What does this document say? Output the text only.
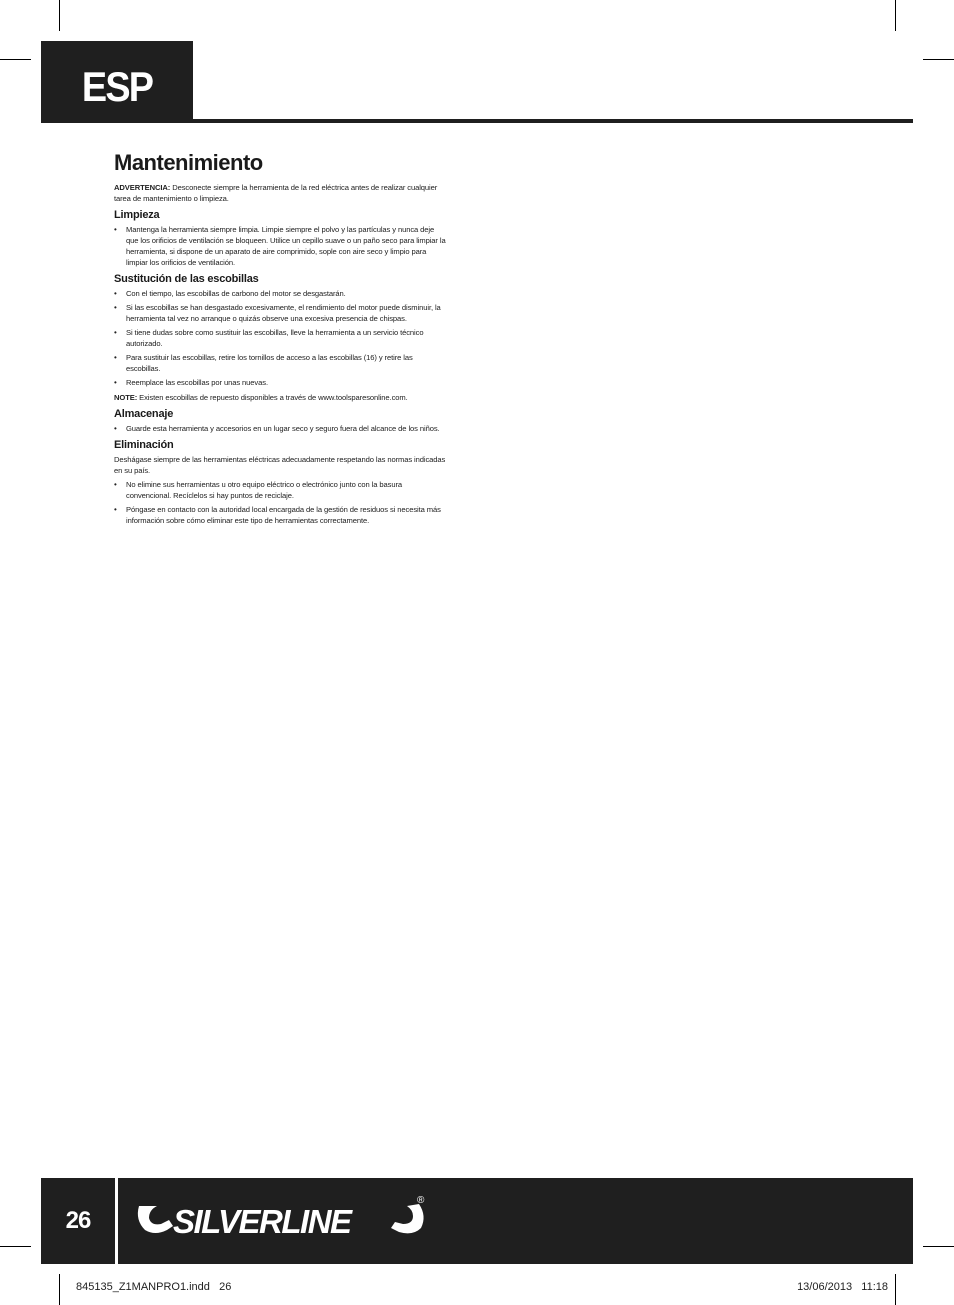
ESP
Mantenimiento

ADVERTENCIA: Desconecte siempre la herramienta de la red eléctrica antes de realizar cualquier tarea de mantenimiento o limpieza.

Limpieza
• Mantenga la herramienta siempre limpia. Limpie siempre el polvo y las partículas y nunca deje que los orificios de ventilación se bloqueen. Utilice un cepillo suave o un paño seco para limpiar la herramienta, si dispone de un aparato de aire comprimido, sople con aire seco y limpio para limpiar los orificios de ventilación.
Sustitución de las escobillas
• Con el tiempo, las escobillas de carbono del motor se desgastarán.
• Si las escobillas se han desgastado excesivamente, el rendimiento del motor puede disminuir, la herramienta tal vez no arranque o quizás observe una excesiva presencia de chispas.
• Si tiene dudas sobre como sustituir las escobillas, lleve la herramienta a un servicio técnico autorizado.
• Para sustituir las escobillas, retire los tornillos de acceso a las escobillas (16) y retire las escobillas.
• Reemplace las escobillas por unas nuevas.

NOTE: Existen escobillas de repuesto disponibles a través de www.toolsparesonline.com.

Almacenaje
• Guarde esta herramienta y accesorios en un lugar seco y seguro fuera del alcance de los niños.
Eliminación

Deshágase siempre de las herramientas eléctricas adecuadamente respetando las normas indicadas en su país.

• No elimine sus herramientas u otro equipo eléctrico o electrónico junto con la basura convencional. Recíclelos si hay puntos de reciclaje.
• Póngase en contacto con la autoridad local encargada de la gestión de residuos si necesita más información sobre cómo eliminar este tipo de herramientas correctamente.
26	SILVERLINE
®
845135_Z1MANPRO1.indd   26	13/06/2013   11:18
